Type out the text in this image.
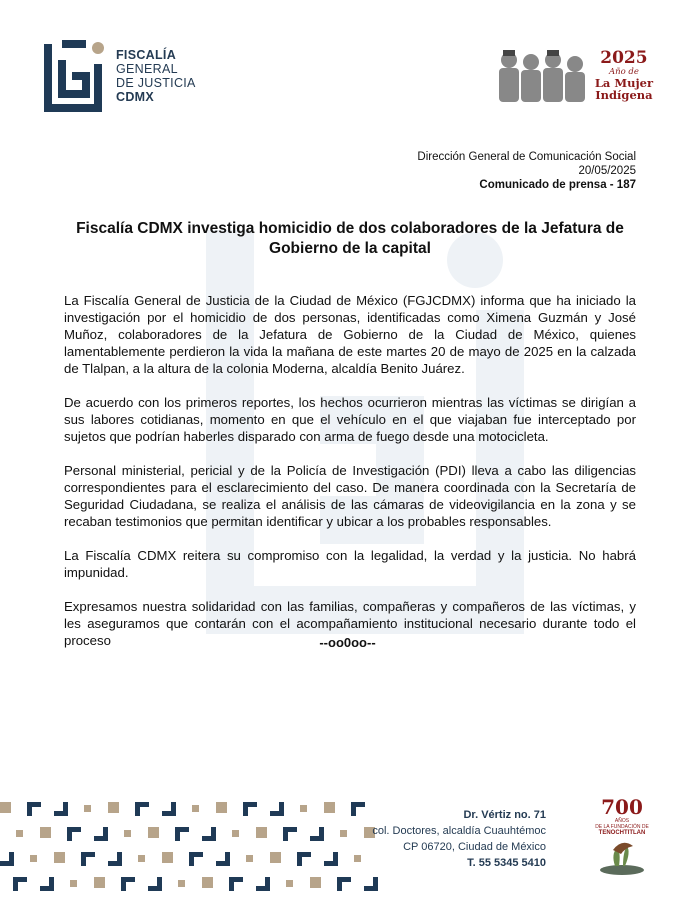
FISCALÍA
GENERAL
DE JUSTICIA
CDMX
2025
Año de
La Mujer
Indígena
Dirección General de Comunicación Social
20/05/2025
Comunicado de prensa - 187
Fiscalía CDMX investiga homicidio de dos colaboradores de la Jefatura de Gobierno de la capital

La Fiscalía General de Justicia de la Ciudad de México (FGJCDMX) informa que ha iniciado la investigación por el homicidio de dos personas, identificadas como Ximena Guzmán y José Muñoz, colaboradores de la Jefatura de Gobierno de la Ciudad de México, quienes lamentablemente perdieron la vida la mañana de este martes 20 de mayo de 2025 en la calzada de Tlalpan, a la altura de la colonia Moderna, alcaldía Benito Juárez.

De acuerdo con los primeros reportes, los hechos ocurrieron mientras las víctimas se dirigían a sus labores cotidianas, momento en que el vehículo en el que viajaban fue interceptado por sujetos que podrían haberles disparado con arma de fuego desde una motocicleta.

Personal ministerial, pericial y de la Policía de Investigación (PDI) lleva a cabo las diligencias correspondientes para el esclarecimiento del caso. De manera coordinada con la Secretaría de Seguridad Ciudadana, se realiza el análisis de las cámaras de videovigilancia en la zona y se recaban testimonios que permitan identificar y ubicar a los probables responsables.

La Fiscalía CDMX reitera su compromiso con la legalidad, la verdad y la justicia. No habrá impunidad.

Expresamos nuestra solidaridad con las familias, compañeras y compañeros de las víctimas, y les aseguramos que contarán con el acompañamiento institucional necesario durante todo el proceso	--oo0oo--
Dr. Vértiz no. 71
col. Doctores, alcaldía Cuauhtémoc
CP 06720, Ciudad de México
T. 55 5345 5410
700
AÑOS
DE LA FUNDACIÓN DE
TENOCHTITLAN
